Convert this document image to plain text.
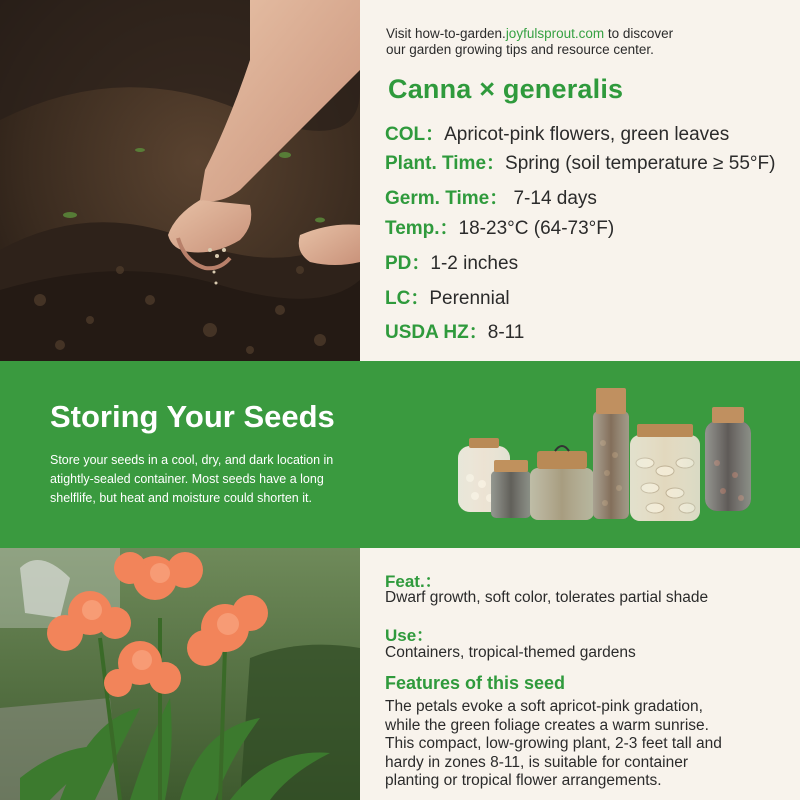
Visit how-to-garden.joyfulsprout.com to discover
our garden growing tips and resource center.
Canna × generalis
COL：Apricot-pink flowers, green leaves
Plant. Time：Spring (soil temperature ≥ 55°F)
Germ. Time： 7-14 days
Temp.：18-23°C (64-73°F)
PD：1-2 inches
LC：Perennial
USDA HZ：8-11
Storing Your Seeds
Store your seeds in a cool, dry, and dark location in
atightly-sealed container. Most seeds have a long
shelflife, but heat and moisture could shorten it.
Feat.：
Dwarf growth, soft color, tolerates partial shade
Use：
Containers, tropical-themed gardens
Features of this seed
The petals evoke a soft apricot-pink gradation,
while the green foliage creates a warm sunrise.
This compact, low-growing plant, 2-3 feet tall and
hardy in zones 8-11, is suitable for container
planting or tropical flower arrangements.
